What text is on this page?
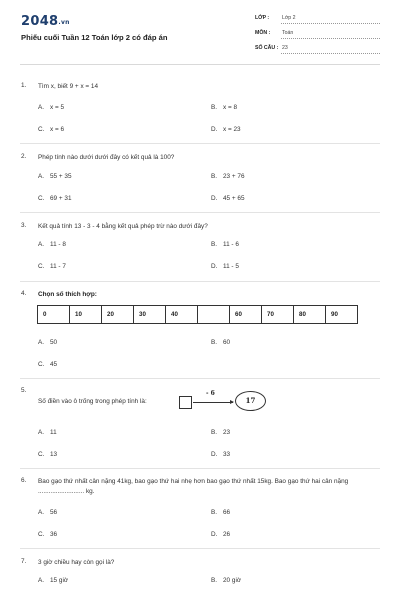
2048.vn
Phiếu cuối Tuần 12 Toán lớp 2 có đáp án
LỚP : Lớp 2
MÔN : Toán
SỐ CÂU : 23
1. Tìm x, biết 9 + x = 14
A. x = 5	B. x = 8
C. x = 6	D. x = 23
2. Phép tính nào dưới dưới đây có kết quả là 100?
A. 55 + 35	B. 23 + 76
C. 69 + 31	D. 45 + 65
3. Kết quả tính 13 - 3 - 4 bằng kết quả phép trừ nào dưới đây?
A. 11 - 8	B. 11 - 6
C. 11 - 7	D. 11 - 5
4. Chọn số thích hợp:
0	10	20	30	40	60	70	80	90
A. 50	B. 60
C. 45
5.
Số điền vào ô trống trong phép tính là:
- 6
17
A. 11	B. 23
C. 13	D. 33
6. Bao gạo thứ nhất cân nặng 41kg, bao gạo thứ hai nhẹ hơn bao gạo thứ nhất 15kg. Bao gạo thứ hai cân nặng .......................... kg.
A. 56	B. 66
C. 36	D. 26
7. 3 giờ chiều hay còn gọi là?
A. 15 giờ	B. 20 giờ
